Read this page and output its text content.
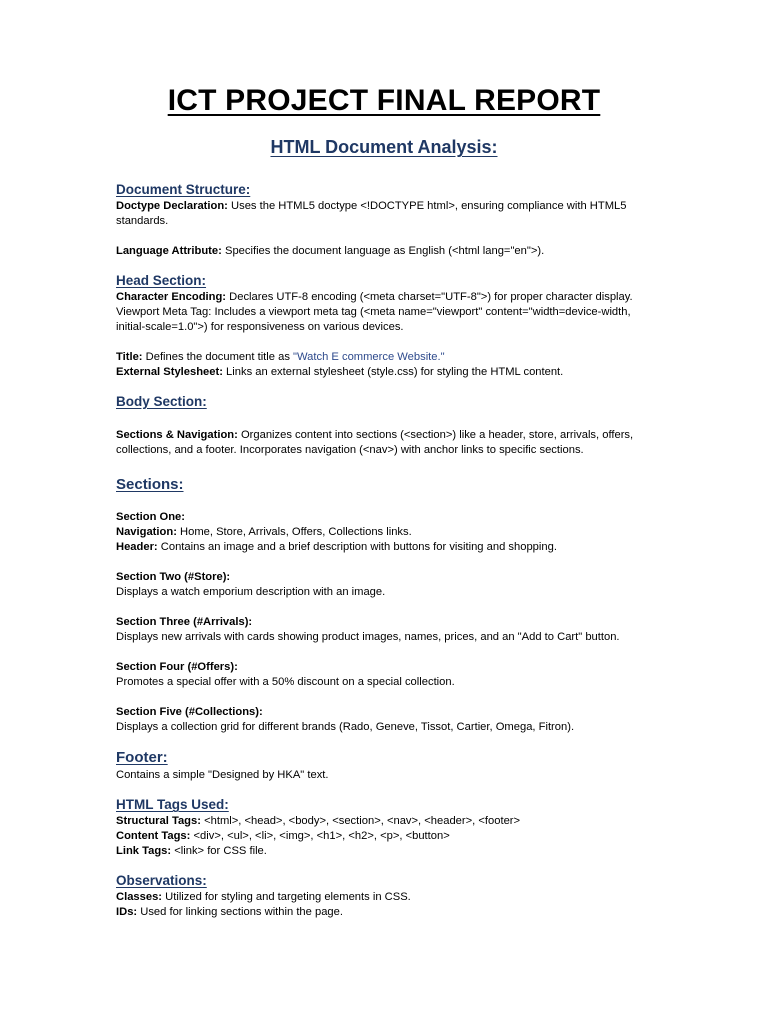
ICT PROJECT FINAL REPORT
HTML Document Analysis:
Document Structure:

Doctype Declaration: Uses the HTML5 doctype <!DOCTYPE html>, ensuring compliance with HTML5 standards.

Language Attribute: Specifies the document language as English (<html lang="en">).

Head Section:

Character Encoding: Declares UTF-8 encoding (<meta charset="UTF-8">) for proper character display.

Viewport Meta Tag: Includes a viewport meta tag (<meta name="viewport" content="width=device-width, initial-scale=1.0">) for responsiveness on various devices.

Title: Defines the document title as "Watch E commerce Website."

External Stylesheet: Links an external stylesheet (style.css) for styling the HTML content.

Body Section:

Sections & Navigation: Organizes content into sections (<section>) like a header, store, arrivals, offers, collections, and a footer. Incorporates navigation (<nav>) with anchor links to specific sections.

Sections:

Section One:

Navigation: Home, Store, Arrivals, Offers, Collections links.

Header: Contains an image and a brief description with buttons for visiting and shopping.

Section Two (#Store):

Displays a watch emporium description with an image.

Section Three (#Arrivals):

Displays new arrivals with cards showing product images, names, prices, and an "Add to Cart" button.

Section Four (#Offers):

Promotes a special offer with a 50% discount on a special collection.

Section Five (#Collections):

Displays a collection grid for different brands (Rado, Geneve, Tissot, Cartier, Omega, Fitron).

Footer:

Contains a simple "Designed by HKA" text.

HTML Tags Used:

Structural Tags: <html>, <head>, <body>, <section>, <nav>, <header>, <footer>

Content Tags: <div>, <ul>, <li>, <img>, <h1>, <h2>, <p>, <button>

Link Tags: <link> for CSS file.

Observations:

Classes: Utilized for styling and targeting elements in CSS.

IDs: Used for linking sections within the page.
